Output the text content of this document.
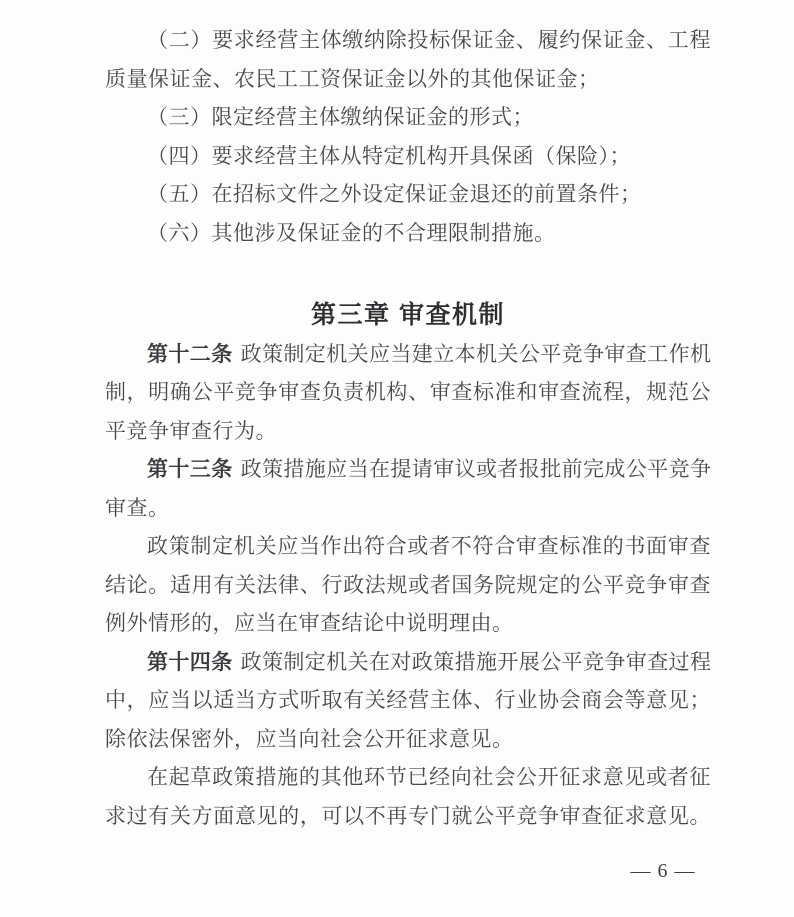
（二）要求经营主体缴纳除投标保证金、履约保证金、工程
质量保证金、农民工工资保证金以外的其他保证金；
（三）限定经营主体缴纳保证金的形式；
（四）要求经营主体从特定机构开具保函（保险）；
（五）在招标文件之外设定保证金退还的前置条件；
（六）其他涉及保证金的不合理限制措施。
第三章 审查机制
第十二条 政策制定机关应当建立本机关公平竞争审查工作机
制，明确公平竞争审查负责机构、审查标准和审查流程，规范公
平竞争审查行为。
第十三条 政策措施应当在提请审议或者报批前完成公平竞争
审查。
政策制定机关应当作出符合或者不符合审查标准的书面审查
结论。适用有关法律、行政法规或者国务院规定的公平竞争审查
例外情形的，应当在审查结论中说明理由。
第十四条 政策制定机关在对政策措施开展公平竞争审查过程
中，应当以适当方式听取有关经营主体、行业协会商会等意见；
除依法保密外，应当向社会公开征求意见。
在起草政策措施的其他环节已经向社会公开征求意见或者征
求过有关方面意见的，可以不再专门就公平竞争审查征求意见。
— 6 —
